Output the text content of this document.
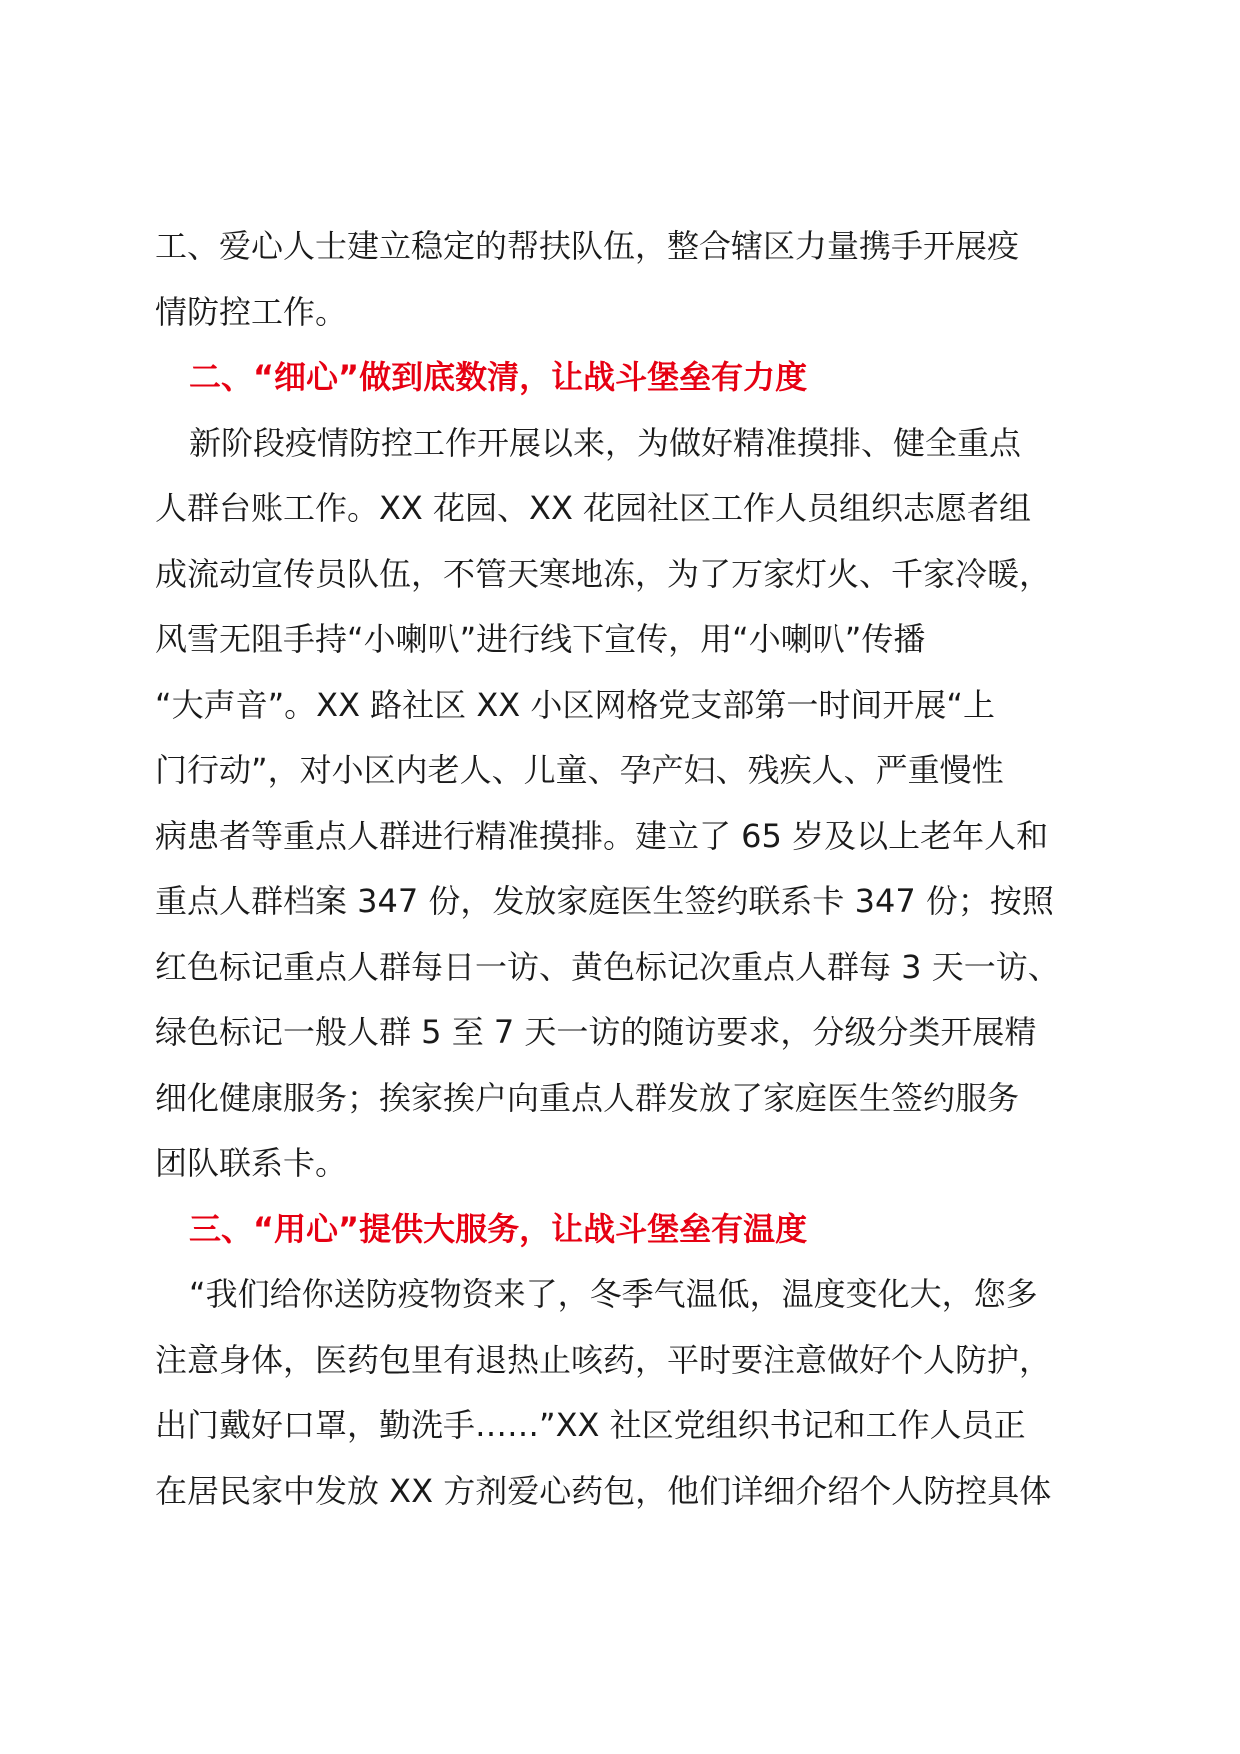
工、爱心人士建立稳定的帮扶队伍，整合辖区力量携手开展疫
情防控工作。
二、“细心”做到底数清，让战斗堡垒有力度
新阶段疫情防控工作开展以来，为做好精准摸排、健全重点
人群台账工作。XX 花园、XX 花园社区工作人员组织志愿者组
成流动宣传员队伍，不管天寒地冻，为了万家灯火、千家冷暖，
风雪无阻手持“小喇叭”进行线下宣传，用“小喇叭”传播
“大声音”。XX 路社区 XX 小区网格党支部第一时间开展“上
门行动”，对小区内老人、儿童、孕产妇、残疾人、严重慢性
病患者等重点人群进行精准摸排。建立了 65 岁及以上老年人和
重点人群档案 347 份，发放家庭医生签约联系卡 347 份；按照
红色标记重点人群每日一访、黄色标记次重点人群每 3 天一访、
绿色标记一般人群 5 至 7 天一访的随访要求，分级分类开展精
细化健康服务；挨家挨户向重点人群发放了家庭医生签约服务
团队联系卡。
三、“用心”提供大服务，让战斗堡垒有温度
“我们给你送防疫物资来了，冬季气温低，温度变化大，您多
注意身体，医药包里有退热止咳药，平时要注意做好个人防护，
出门戴好口罩，勤洗手……”XX 社区党组织书记和工作人员正
在居民家中发放 XX 方剂爱心药包，他们详细介绍个人防控具体
